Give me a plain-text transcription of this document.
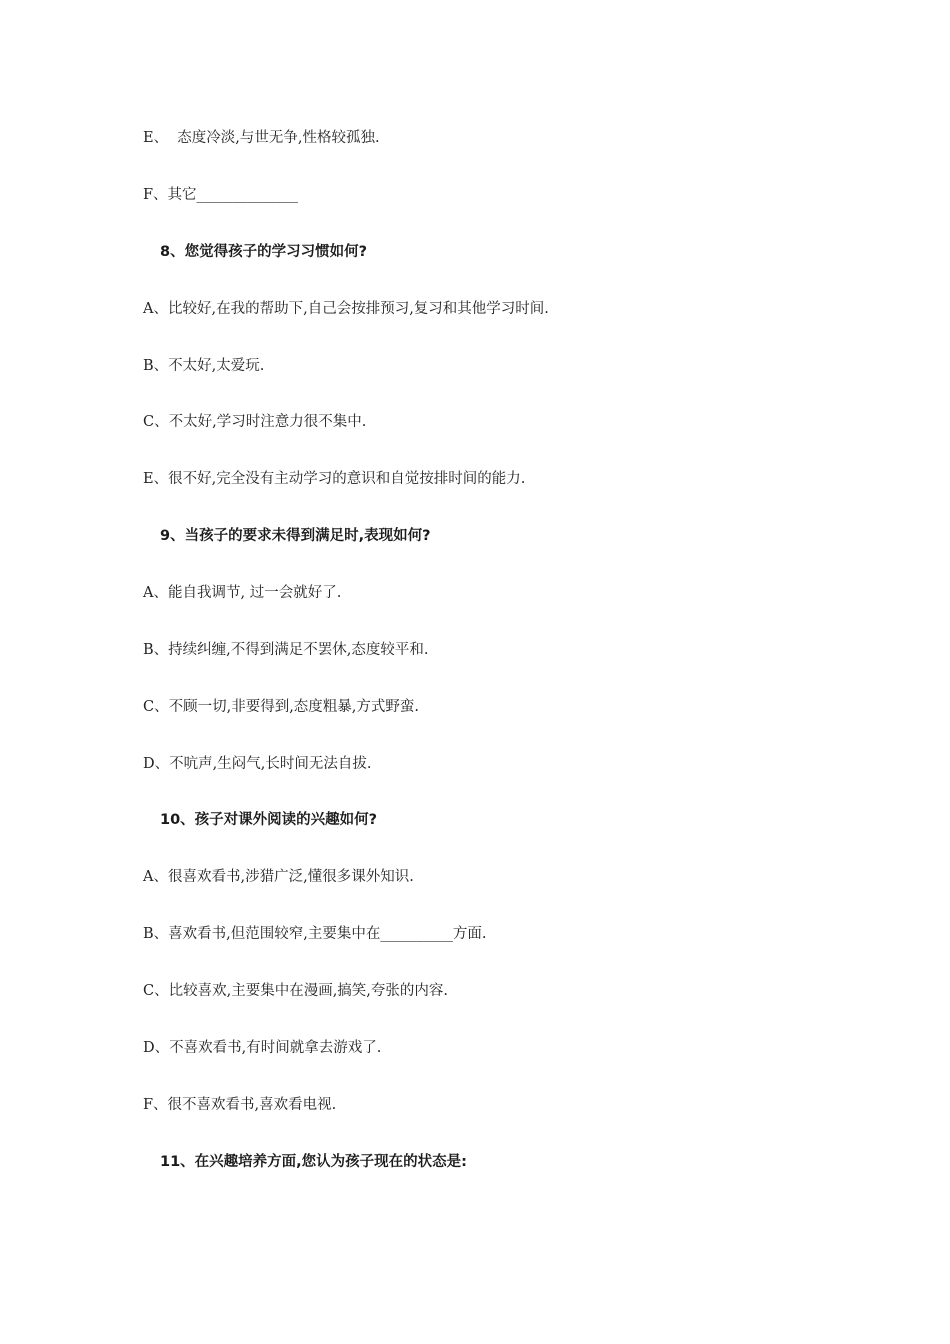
E、  态度冷淡,与世无争,性格较孤独.
F、其它______________
8、您觉得孩子的学习习惯如何?
A、比较好,在我的帮助下,自己会按排预习,复习和其他学习时间.
B、不太好,太爱玩.
C、不太好,学习时注意力很不集中.
E、很不好,完全没有主动学习的意识和自觉按排时间的能力.
9、当孩子的要求未得到满足时,表现如何?
A、能自我调节, 过一会就好了.
B、持续纠缠,不得到满足不罢休,态度较平和.
C、不顾一切,非要得到,态度粗暴,方式野蛮.
D、不吭声,生闷气,长时间无法自拔.
10、孩子对课外阅读的兴趣如何?
A、很喜欢看书,涉猎广泛,懂很多课外知识.
B、喜欢看书,但范围较窄,主要集中在__________方面.
C、比较喜欢,主要集中在漫画,搞笑,夸张的内容.
D、不喜欢看书,有时间就拿去游戏了.
F、很不喜欢看书,喜欢看电视.
11、在兴趣培养方面,您认为孩子现在的状态是:
